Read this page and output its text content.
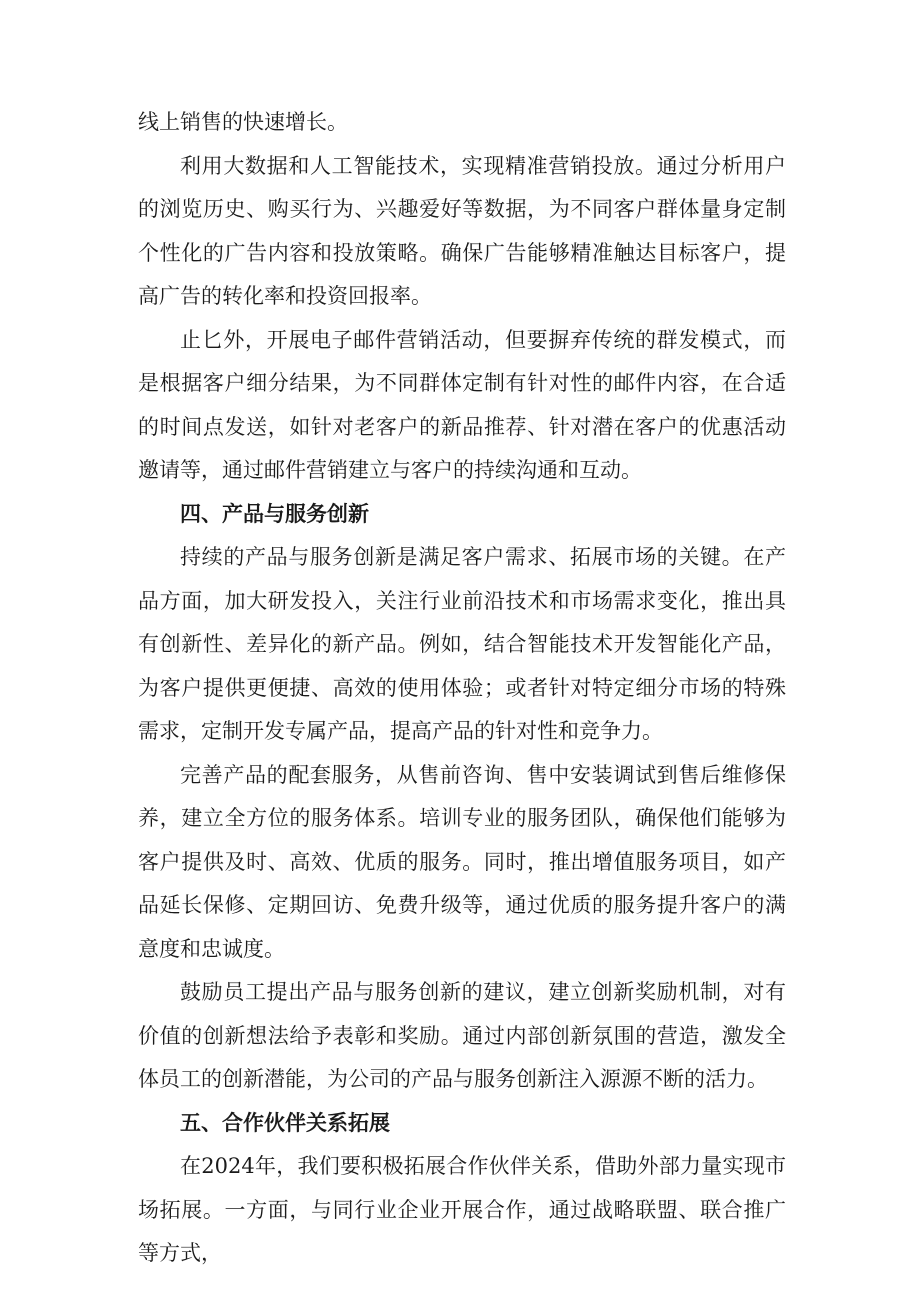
线上销售的快速增长。

利用大数据和人工智能技术，实现精准营销投放。通过分析用户的浏览历史、购买行为、兴趣爱好等数据，为不同客户群体量身定制个性化的广告内容和投放策略。确保广告能够精准触达目标客户，提高广告的转化率和投资回报率。

止匕外，开展电子邮件营销活动，但要摒弃传统的群发模式，而是根据客户细分结果，为不同群体定制有针对性的邮件内容，在合适的时间点发送，如针对老客户的新品推荐、针对潜在客户的优惠活动邀请等，通过邮件营销建立与客户的持续沟通和互动。

四、产品与服务创新

持续的产品与服务创新是满足客户需求、拓展市场的关键。在产品方面，加大研发投入，关注行业前沿技术和市场需求变化，推出具有创新性、差异化的新产品。例如，结合智能技术开发智能化产品，为客户提供更便捷、高效的使用体验；或者针对特定细分市场的特殊需求，定制开发专属产品，提高产品的针对性和竞争力。

完善产品的配套服务，从售前咨询、售中安装调试到售后维修保养，建立全方位的服务体系。培训专业的服务团队，确保他们能够为客户提供及时、高效、优质的服务。同时，推出增值服务项目，如产品延长保修、定期回访、免费升级等，通过优质的服务提升客户的满意度和忠诚度。

鼓励员工提出产品与服务创新的建议，建立创新奖励机制，对有价值的创新想法给予表彰和奖励。通过内部创新氛围的营造，激发全体员工的创新潜能，为公司的产品与服务创新注入源源不断的活力。

五、合作伙伴关系拓展

在2024年，我们要积极拓展合作伙伴关系，借助外部力量实现市场拓展。一方面，与同行业企业开展合作，通过战略联盟、联合推广等方式，
